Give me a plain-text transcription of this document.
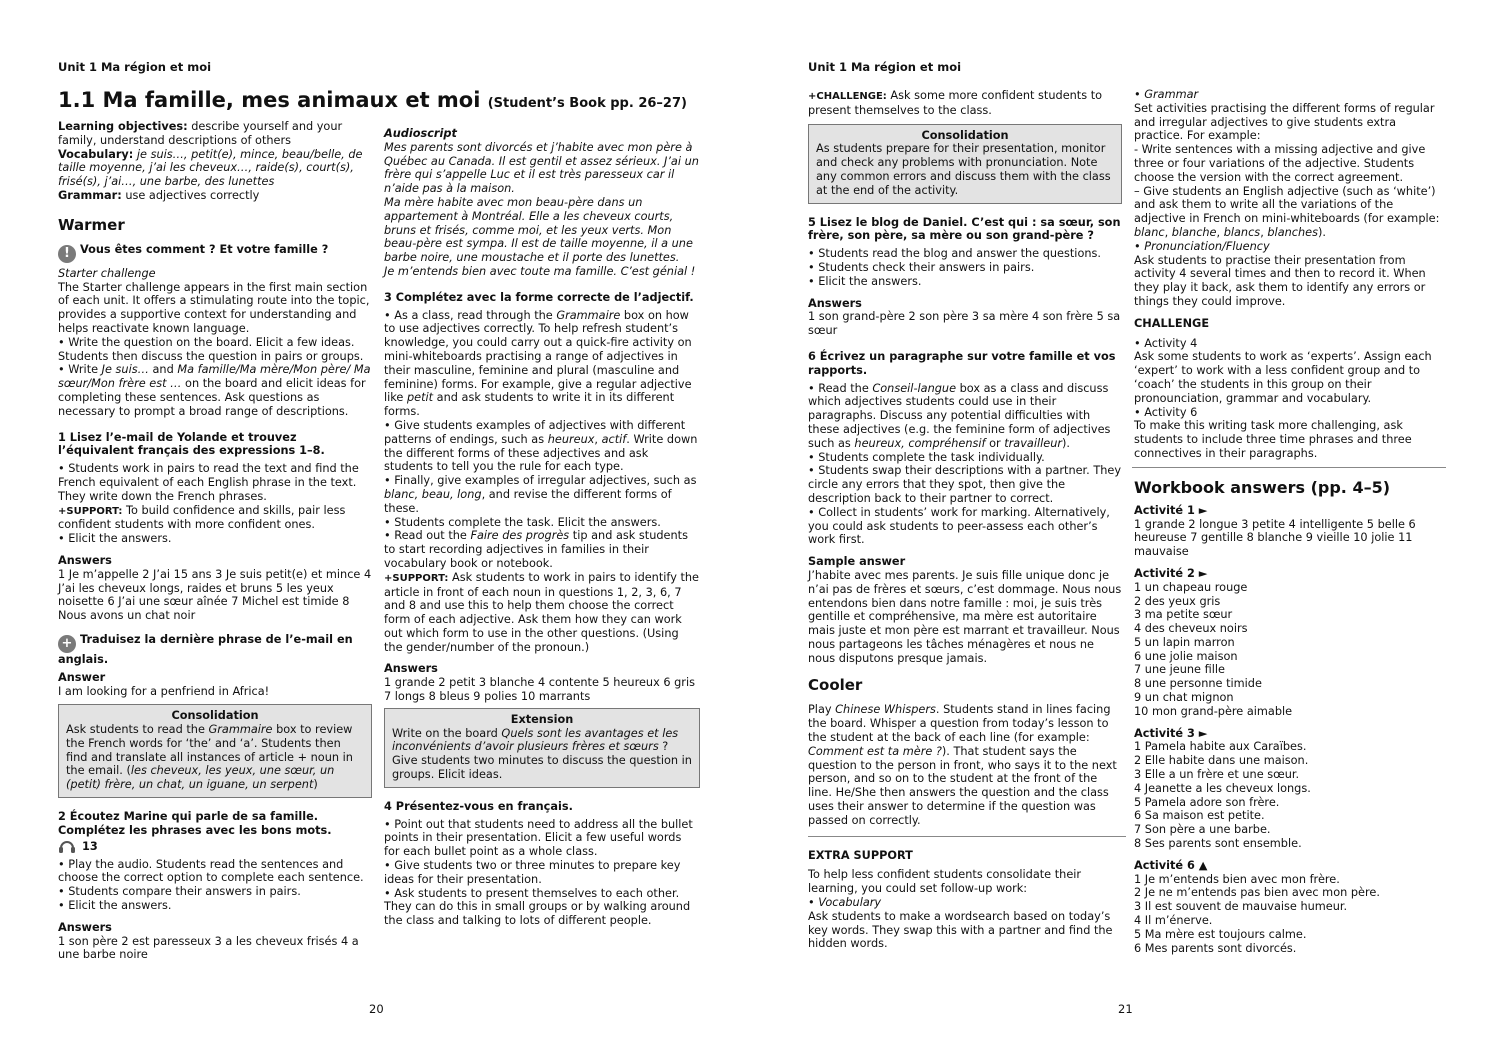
Unit 1 Ma région et moi	Unit 1 Ma région et moi
1.1 Ma famille, mes animaux et moi (Student’s Book pp. 26–27)

Learning objectives: describe yourself and your family, understand descriptions of others

Vocabulary: je suis…, petit(e), mince, beau/belle, de taille moyenne, j’ai les cheveux…, raide(s), court(s), frisé(s), j’ai…, une barbe, des lunettes

Grammar: use adjectives correctly

Warmer

! Vous êtes comment ? Et votre famille ?

Starter challenge

The Starter challenge appears in the first main section of each unit. It offers a stimulating route into the topic, provides a supportive context for understanding and helps reactivate known language.

• Write the question on the board. Elicit a few ideas. Students then discuss the question in pairs or groups.

• Write Je suis… and Ma famille/Ma mère/Mon père/ Ma sœur/Mon frère est … on the board and elicit ideas for completing these sentences. Ask questions as necessary to prompt a broad range of descriptions.

1 Lisez l’e-mail de Yolande et trouvez l’équivalent français des expressions 1–8.

• Students work in pairs to read the text and find the French equivalent of each English phrase in the text. They write down the French phrases.

+SUPPORT: To build confidence and skills, pair less confident students with more confident ones.

• Elicit the answers.

Answers

1 Je m’appelle 2 J’ai 15 ans 3 Je suis petit(e) et mince 4 J’ai les cheveux longs, raides et bruns 5 les yeux noisette 6 J’ai une sœur aînée 7 Michel est timide 8 Nous avons un chat noir

+ Traduisez la dernière phrase de l’e-mail en anglais.
Answer

I am looking for a penfriend in Africa!

Consolidation

Ask students to read the Grammaire box to review the French words for ‘the’ and ‘a’. Students then find and translate all instances of article + noun in the email. (les cheveux, les yeux, une sœur, un (petit) frère, un chat, un iguane, un serpent)

2 Écoutez Marine qui parle de sa famille. Complétez les phrases avec les bons mots.

13

• Play the audio. Students read the sentences and choose the correct option to complete each sentence.

• Students compare their answers in pairs.

• Elicit the answers.

Answers

1 son père 2 est paresseux 3 a les cheveux frisés 4 a une barbe noire

Audioscript

Mes parents sont divorcés et j’habite avec mon père à Québec au Canada. Il est gentil et assez sérieux. J’ai un frère qui s’appelle Luc et il est très paresseux car il n’aide pas à la maison.

Ma mère habite avec mon beau-père dans un appartement à Montréal. Elle a les cheveux courts, bruns et frisés, comme moi, et les yeux verts. Mon beau-père est sympa. Il est de taille moyenne, il a une barbe noire, une moustache et il porte des lunettes.

Je m’entends bien avec toute ma famille. C’est génial !

3 Complétez avec la forme correcte de l’adjectif.

• As a class, read through the Grammaire box on how to use adjectives correctly. To help refresh student’s knowledge, you could carry out a quick-fire activity on mini-whiteboards practising a range of adjectives in their masculine, feminine and plural (masculine and feminine) forms. For example, give a regular adjective like petit and ask students to write it in its different forms.

• Give students examples of adjectives with different patterns of endings, such as heureux, actif. Write down the different forms of these adjectives and ask students to tell you the rule for each type.

• Finally, give examples of irregular adjectives, such as blanc, beau, long, and revise the different forms of these.

• Students complete the task. Elicit the answers.

• Read out the Faire des progrès tip and ask students to start recording adjectives in families in their vocabulary book or notebook.

+SUPPORT: Ask students to work in pairs to identify the article in front of each noun in questions 1, 2, 3, 6, 7 and 8 and use this to help them choose the correct form of each adjective. Ask them how they can work out which form to use in the other questions. (Using the gender/number of the pronoun.)

Answers

1 grande 2 petit 3 blanche 4 contente 5 heureux 6 gris 7 longs 8 bleus 9 polies 10 marrants

Extension

Write on the board Quels sont les avantages et les inconvénients d’avoir plusieurs frères et sœurs ? Give students two minutes to discuss the question in groups. Elicit ideas.

4 Présentez-vous en français.

• Point out that students need to address all the bullet points in their presentation. Elicit a few useful words for each bullet point as a whole class.

• Give students two or three minutes to prepare key ideas for their presentation.

• Ask students to present themselves to each other. They can do this in small groups or by walking around the class and talking to lots of different people.

20

+CHALLENGE: Ask some more confident students to present themselves to the class.

Consolidation

As students prepare for their presentation, monitor and check any problems with pronunciation. Note any common errors and discuss them with the class at the end of the activity.

5 Lisez le blog de Daniel. C’est qui : sa sœur, son frère, son père, sa mère ou son grand-père ?

• Students read the blog and answer the questions.

• Students check their answers in pairs.

• Elicit the answers.

Answers

1 son grand-père 2 son père 3 sa mère 4 son frère 5 sa sœur

6 Écrivez un paragraphe sur votre famille et vos rapports.

• Read the Conseil-langue box as a class and discuss which adjectives students could use in their paragraphs. Discuss any potential difficulties with these adjectives (e.g. the feminine form of adjectives such as heureux, compréhensif or travailleur).

• Students complete the task individually.

• Students swap their descriptions with a partner. They circle any errors that they spot, then give the description back to their partner to correct.

• Collect in students’ work for marking. Alternatively, you could ask students to peer-assess each other’s work first.

Sample answer

J’habite avec mes parents. Je suis fille unique donc je n’ai pas de frères et sœurs, c’est dommage. Nous nous entendons bien dans notre famille : moi, je suis très gentille et compréhensive, ma mère est autoritaire mais juste et mon père est marrant et travailleur. Nous nous partageons les tâches ménagères et nous ne nous disputons presque jamais.

Cooler

Play Chinese Whispers. Students stand in lines facing the board. Whisper a question from today’s lesson to the student at the back of each line (for example: Comment est ta mère ?). That student says the question to the person in front, who says it to the next person, and so on to the student at the front of the line. He/She then answers the question and the class uses their answer to determine if the question was passed on correctly.

EXTRA SUPPORT

To help less confident students consolidate their learning, you could set follow-up work:

• Vocabulary

Ask students to make a wordsearch based on today’s key words. They swap this with a partner and find the hidden words.

• Grammar

Set activities practising the different forms of regular and irregular adjectives to give students extra practice. For example:

- Write sentences with a missing adjective and give three or four variations of the adjective. Students choose the version with the correct agreement.

– Give students an English adjective (such as ‘white’) and ask them to write all the variations of the adjective in French on mini-whiteboards (for example: blanc, blanche, blancs, blanches).

• Pronunciation/Fluency

Ask students to practise their presentation from activity 4 several times and then to record it. When they play it back, ask them to identify any errors or things they could improve.

CHALLENGE

• Activity 4

Ask some students to work as ‘experts’. Assign each ‘expert’ to work with a less confident group and to ‘coach’ the students in this group on their pronounciation, grammar and vocabulary.

• Activity 6

To make this writing task more challenging, ask students to include three time phrases and three connectives in their paragraphs.

Workbook answers (pp. 4–5)
Activité 1 ►

1 grande 2 longue 3 petite 4 intelligente 5 belle 6 heureuse 7 gentille 8 blanche 9 vieille 10 jolie 11 mauvaise

Activité 2 ►

1 un chapeau rouge

2 des yeux gris

3 ma petite sœur

4 des cheveux noirs

5 un lapin marron

6 une jolie maison

7 une jeune fille

8 une personne timide

9 un chat mignon

10 mon grand-père aimable

Activité 3 ►

1 Pamela habite aux Caraïbes.

2 Elle habite dans une maison.

3 Elle a un frère et une sœur.

4 Jeanette a les cheveux longs.

5 Pamela adore son frère.

6 Sa maison est petite.

7 Son père a une barbe.

8 Ses parents sont ensemble.

Activité 6 ▲

1 Je m’entends bien avec mon frère.

2 Je ne m’entends pas bien avec mon père.

3 Il est souvent de mauvaise humeur.

4 Il m’énerve.

5 Ma mère est toujours calme.

6 Mes parents sont divorcés.

21
